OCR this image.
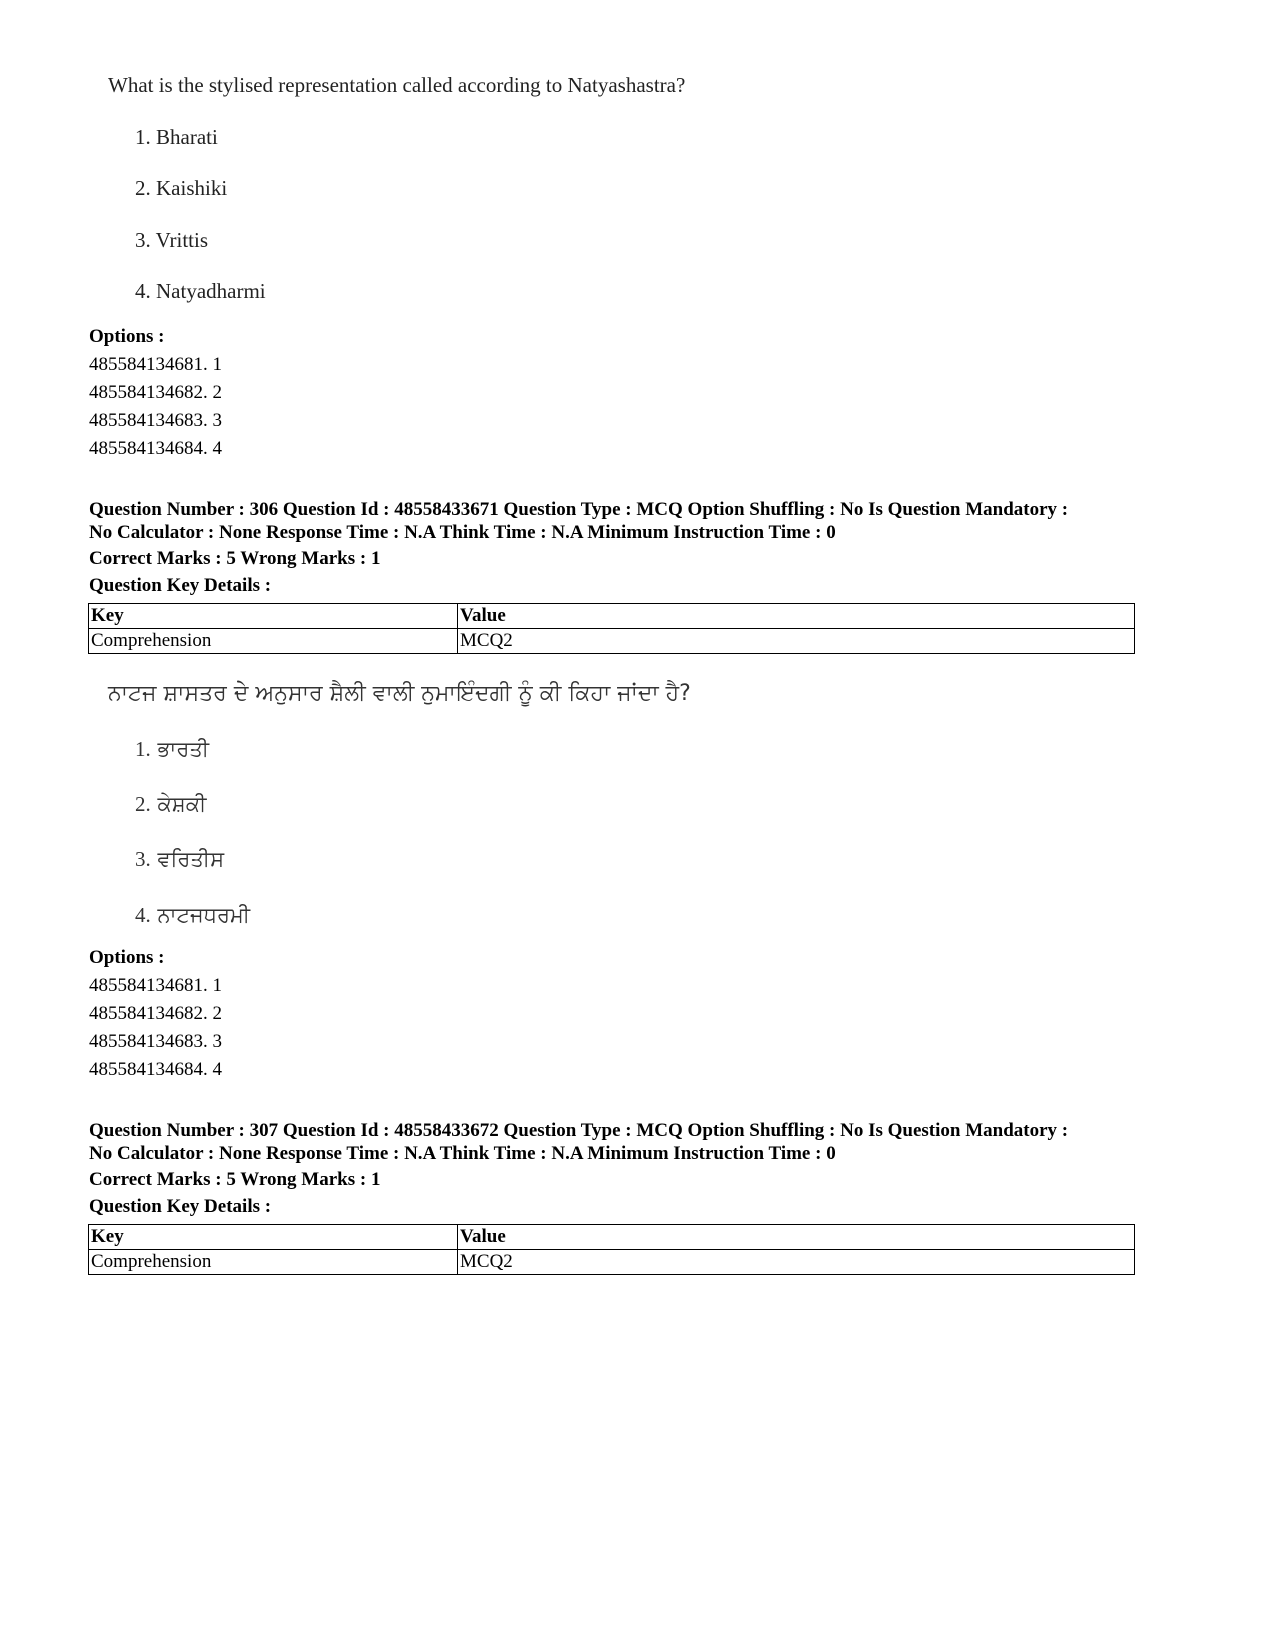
What is the stylised representation called according to Natyashastra?
1. Bharati
2. Kaishiki
3. Vrittis
4. Natyadharmi
Options :
485584134681. 1
485584134682. 2
485584134683. 3
485584134684. 4
Question Number : 306 Question Id : 48558433671 Question Type : MCQ Option Shuffling : No Is Question Mandatory :
No Calculator : None Response Time : N.A Think Time : N.A Minimum Instruction Time : 0
Correct Marks : 5 Wrong Marks : 1
Question Key Details :
Key	Value
Comprehension	MCQ2
ਨਾਟਜ ਸ਼ਾਸਤਰ ਦੇ ਅਨੁਸਾਰ ਸ਼ੈਲੀ ਵਾਲੀ ਨੁਮਾਇੰਦਗੀ ਨੂੰ ਕੀ ਕਿਹਾ ਜਾਂਦਾ ਹੈ?
1. ਭਾਰਤੀ
2. ਕੇਸ਼ਕੀ
3. ਵਰਿਤੀਸ
4. ਨਾਟਜਧਰਮੀ
Options :
485584134681. 1
485584134682. 2
485584134683. 3
485584134684. 4
Question Number : 307 Question Id : 48558433672 Question Type : MCQ Option Shuffling : No Is Question Mandatory :
No Calculator : None Response Time : N.A Think Time : N.A Minimum Instruction Time : 0
Correct Marks : 5 Wrong Marks : 1
Question Key Details :
Key	Value
Comprehension	MCQ2
